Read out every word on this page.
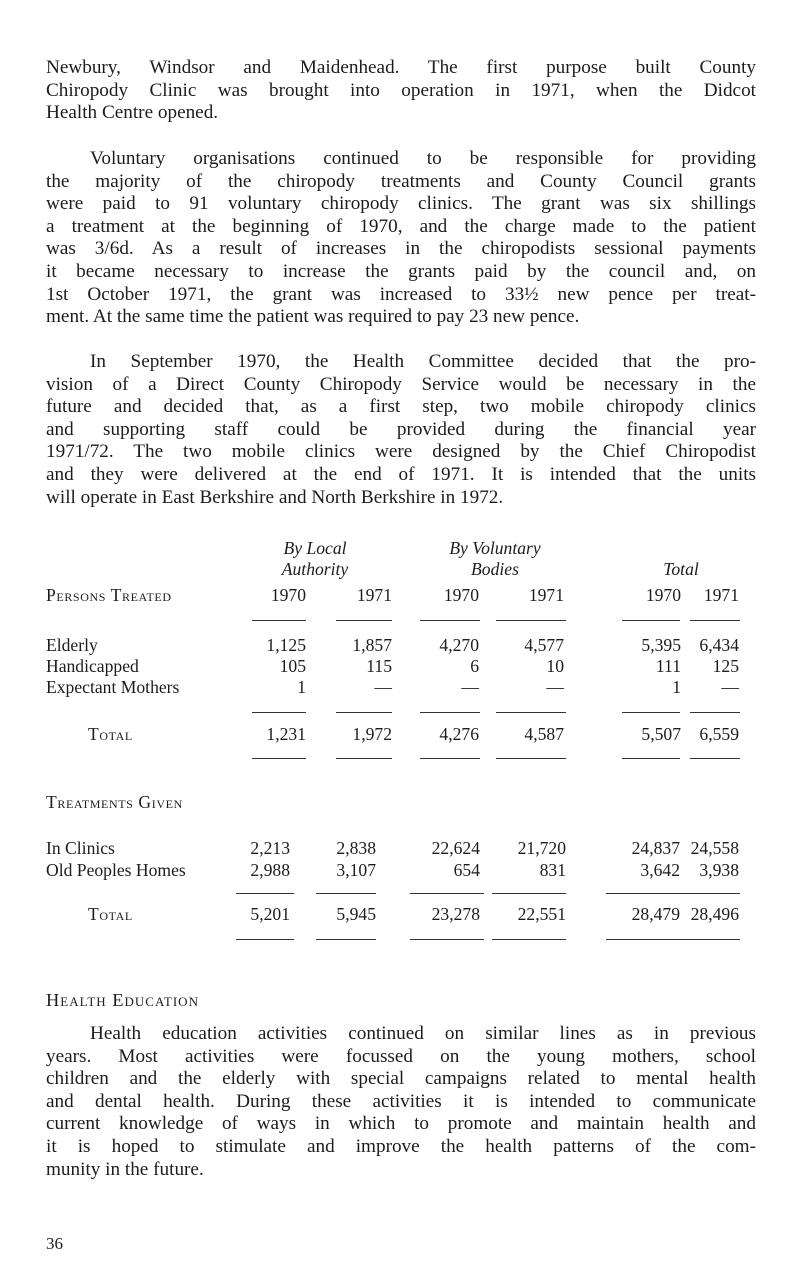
Newbury, Windsor and Maidenhead. The first purpose built County
Chiropody Clinic was brought into operation in 1971, when the Didcot
Health Centre opened.
Voluntary organisations continued to be responsible for providing
the majority of the chiropody treatments and County Council grants
were paid to 91 voluntary chiropody clinics. The grant was six shillings
a treatment at the beginning of 1970, and the charge made to the patient
was 3/6d. As a result of increases in the chiropodists sessional payments
it became necessary to increase the grants paid by the council and, on
1st October 1971, the grant was increased to 33½ new pence per treat-
ment. At the same time the patient was required to pay 23 new pence.
In September 1970, the Health Committee decided that the pro-
vision of a Direct County Chiropody Service would be necessary in the
future and decided that, as a first step, two mobile chiropody clinics
and supporting staff could be provided during the financial year
1971/72. The two mobile clinics were designed by the Chief Chiropodist
and they were delivered at the end of 1971. It is intended that the units
will operate in East Berkshire and North Berkshire in 1972.
By Local
Authority
By Voluntary
Bodies	Total
Persons Treated	1970	1971	1970	1971	1970	1971
Elderly	1,125	1,857	4,270	4,577	5,395	6,434
Handicapped	105	115	6	10	111	125
Expectant Mothers	1	—	—	—	1	—
Total	1,231	1,972	4,276	4,587	5,507	6,559
Treatments Given
In Clinics	2,213	2,838	22,624	21,720	24,837 24,558
Old Peoples Homes	2,988	3,107	654	831	3,642	3,938
Total	5,201	5,945	23,278	22,551	28,479 28,496
Health Education
Health education activities continued on similar lines as in previous
years. Most activities were focussed on the young mothers, school
children and the elderly with special campaigns related to mental health
and dental health. During these activities it is intended to communicate
current knowledge of ways in which to promote and maintain health and
it is hoped to stimulate and improve the health patterns of the com-
munity in the future.
36
